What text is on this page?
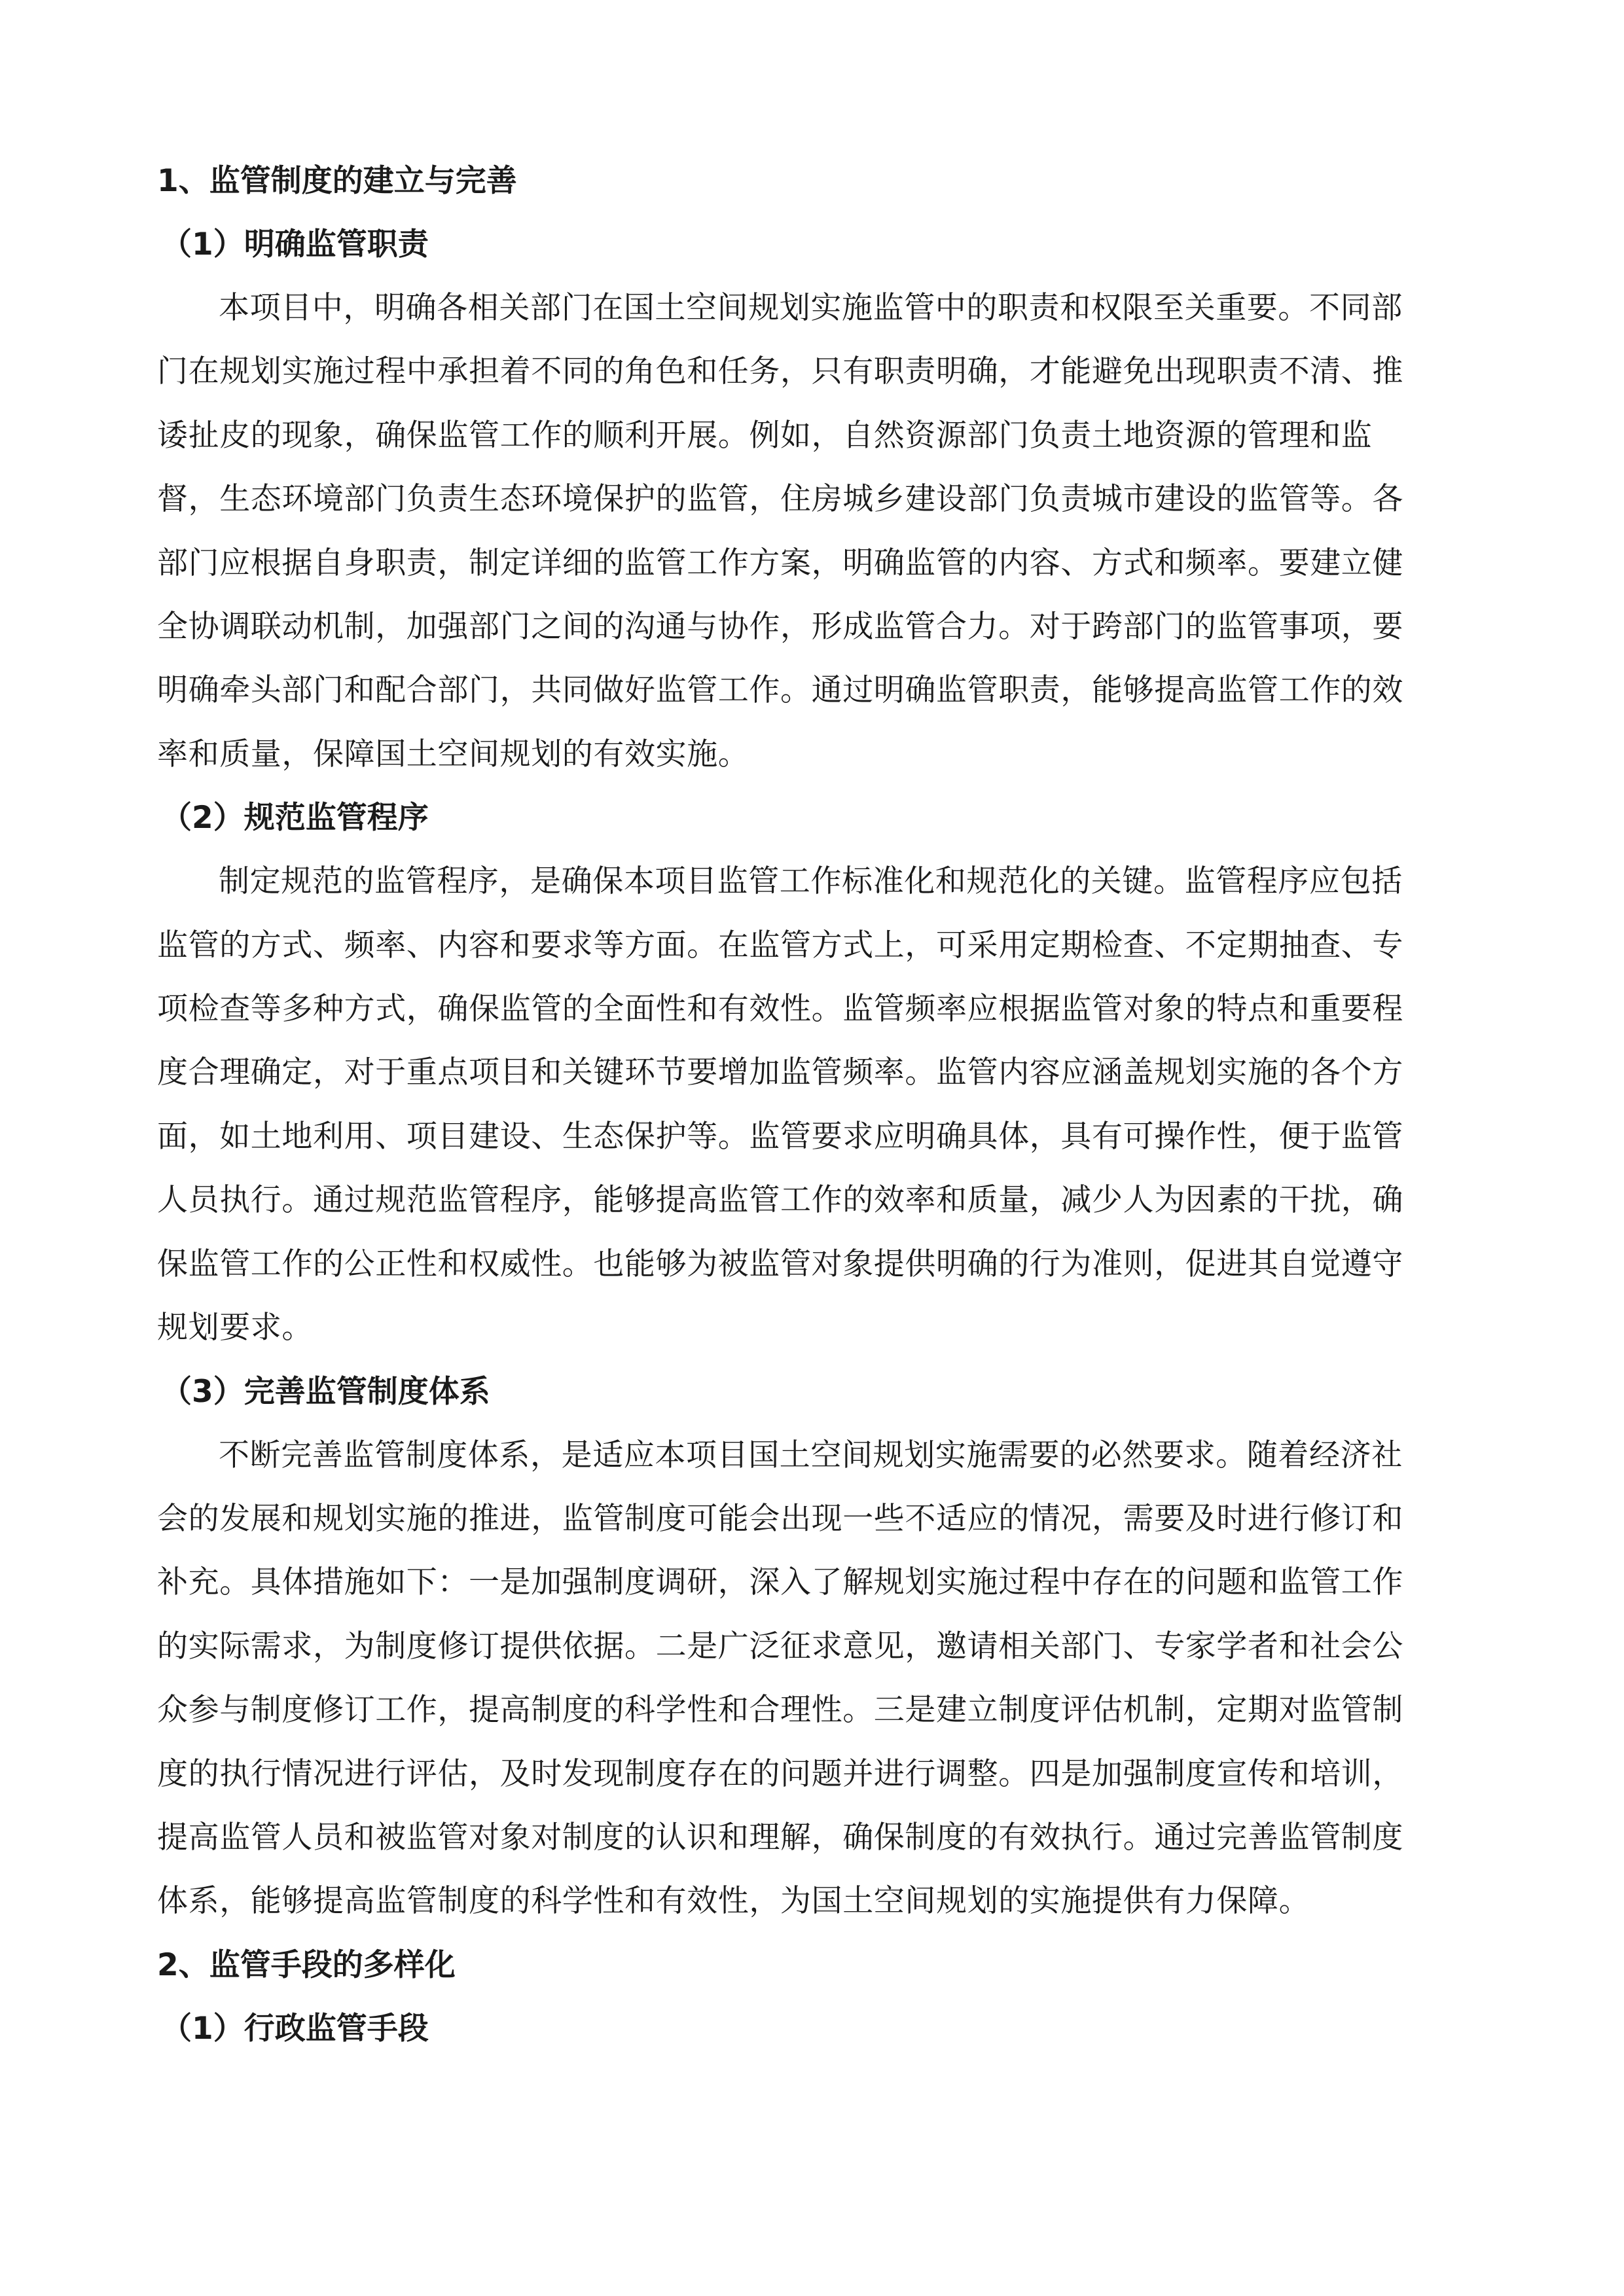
1、监管制度的建立与完善
（1）明确监管职责

本项目中，明确各相关部门在国土空间规划实施监管中的职责和权限至关重要。不同部
门在规划实施过程中承担着不同的角色和任务，只有职责明确，才能避免出现职责不清、推
诿扯皮的现象，确保监管工作的顺利开展。例如，自然资源部门负责土地资源的管理和监
督，生态环境部门负责生态环境保护的监管，住房城乡建设部门负责城市建设的监管等。各
部门应根据自身职责，制定详细的监管工作方案，明确监管的内容、方式和频率。要建立健
全协调联动机制，加强部门之间的沟通与协作，形成监管合力。对于跨部门的监管事项，要
明确牵头部门和配合部门，共同做好监管工作。通过明确监管职责，能够提高监管工作的效
率和质量，保障国土空间规划的有效实施。

（2）规范监管程序

制定规范的监管程序，是确保本项目监管工作标准化和规范化的关键。监管程序应包括
监管的方式、频率、内容和要求等方面。在监管方式上，可采用定期检查、不定期抽查、专
项检查等多种方式，确保监管的全面性和有效性。监管频率应根据监管对象的特点和重要程
度合理确定，对于重点项目和关键环节要增加监管频率。监管内容应涵盖规划实施的各个方
面，如土地利用、项目建设、生态保护等。监管要求应明确具体，具有可操作性，便于监管
人员执行。通过规范监管程序，能够提高监管工作的效率和质量，减少人为因素的干扰，确
保监管工作的公正性和权威性。也能够为被监管对象提供明确的行为准则，促进其自觉遵守
规划要求。

（3）完善监管制度体系

不断完善监管制度体系，是适应本项目国土空间规划实施需要的必然要求。随着经济社
会的发展和规划实施的推进，监管制度可能会出现一些不适应的情况，需要及时进行修订和
补充。具体措施如下：一是加强制度调研，深入了解规划实施过程中存在的问题和监管工作
的实际需求，为制度修订提供依据。二是广泛征求意见，邀请相关部门、专家学者和社会公
众参与制度修订工作，提高制度的科学性和合理性。三是建立制度评估机制，定期对监管制
度的执行情况进行评估，及时发现制度存在的问题并进行调整。四是加强制度宣传和培训，
提高监管人员和被监管对象对制度的认识和理解，确保制度的有效执行。通过完善监管制度
体系，能够提高监管制度的科学性和有效性，为国土空间规划的实施提供有力保障。

2、监管手段的多样化
（1）行政监管手段
